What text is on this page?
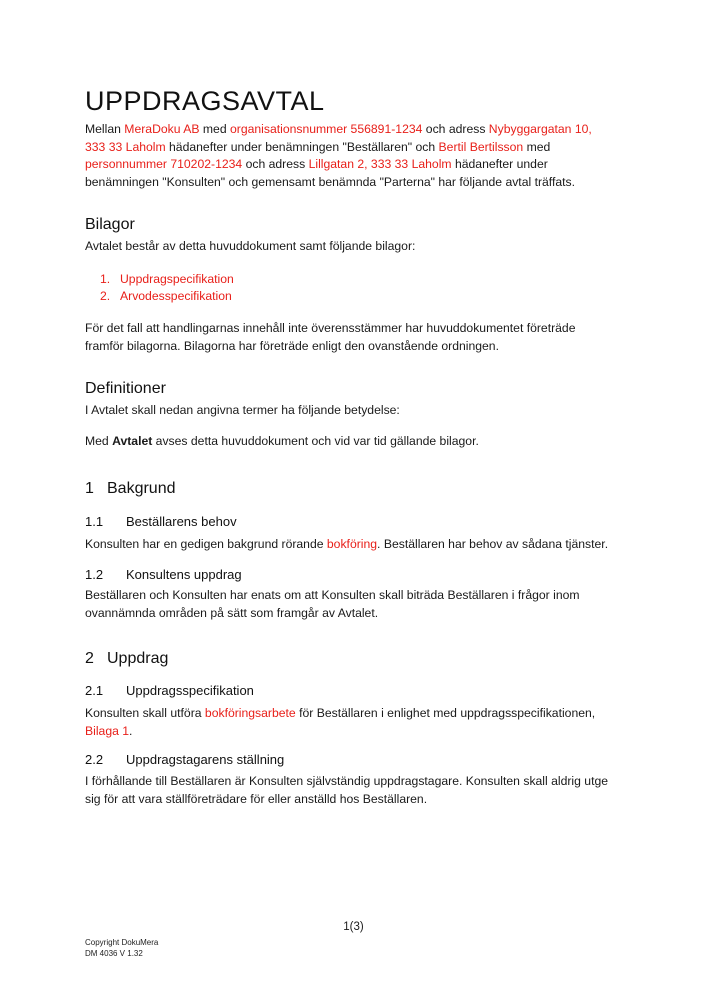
UPPDRAGSAVTAL
Mellan MeraDoku AB med organisationsnummer 556891-1234 och adress Nybyggargatan 10,
333 33 Laholm hädanefter under benämningen "Beställaren" och Bertil Bertilsson med
personnummer 710202-1234 och adress Lillgatan 2, 333 33 Laholm hädanefter under
benämningen "Konsulten" och gemensamt benämnda "Parterna" har följande avtal träffats.
Bilagor
Avtalet består av detta huvuddokument samt följande bilagor:
1. Uppdragspecifikation
2. Arvodesspecifikation
För det fall att handlingarnas innehåll inte överensstämmer har huvuddokumentet företräde
framför bilagorna. Bilagorna har företräde enligt den ovanstående ordningen.
Definitioner
I Avtalet skall nedan angivna termer ha följande betydelse:
Med Avtalet avses detta huvuddokument och vid var tid gällande bilagor.
1 Bakgrund
1.1 Beställarens behov
Konsulten har en gedigen bakgrund rörande bokföring. Beställaren har behov av sådana tjänster.
1.2 Konsultens uppdrag
Beställaren och Konsulten har enats om att Konsulten skall biträda Beställaren i frågor inom
ovannämnda områden på sätt som framgår av Avtalet.
2 Uppdrag
2.1 Uppdragsspecifikation
Konsulten skall utföra bokföringsarbete för Beställaren i enlighet med uppdragsspecifikationen,
Bilaga 1.
2.2 Uppdragstagarens ställning
I förhållande till Beställaren är Konsulten självständig uppdragstagare. Konsulten skall aldrig utge
sig för att vara ställföreträdare för eller anställd hos Beställaren.
1(3)
Copyright DokuMera
DM 4036 V 1.32
